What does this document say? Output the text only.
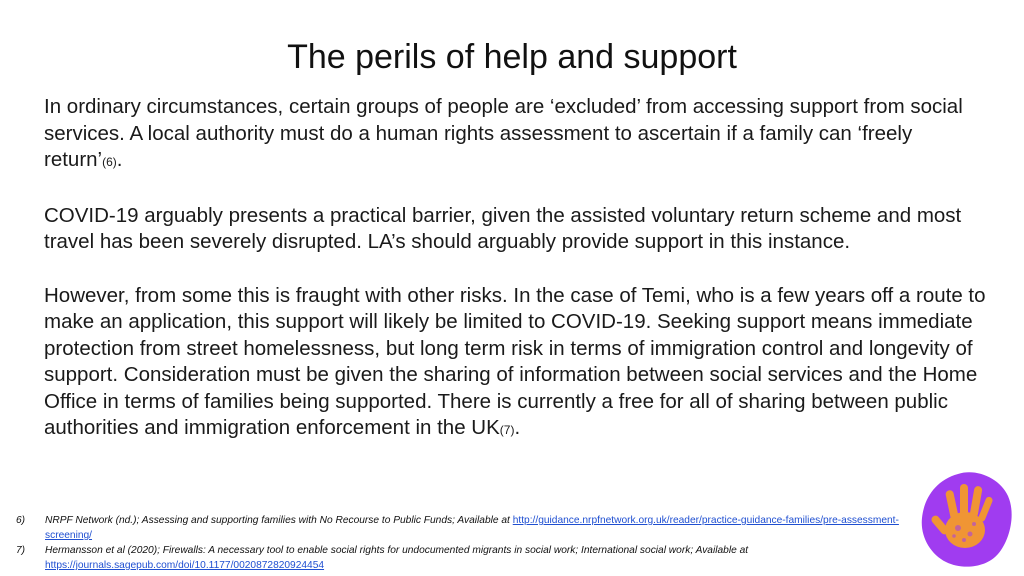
The perils of help and support

In ordinary circumstances, certain groups of people are ‘excluded’ from accessing support from social services. A local authority must do a human rights assessment to ascertain if a family can ‘freely return’(6).

COVID-19 arguably presents a practical barrier, given the assisted voluntary return scheme and most travel has been severely disrupted. LA’s should arguably provide support in this instance.

However, from some this is fraught with other risks. In the case of Temi, who is a few years off a route to make an application, this support will likely be limited to COVID-19. Seeking support means immediate protection from street homelessness, but long term risk in terms of immigration control and longevity of support. Consideration must be given the sharing of information between social services and the Home Office in terms of families being supported. There is currently a free for all of sharing between public authorities and immigration enforcement in the UK(7).

6)	NRPF Network (nd.); Assessing and supporting families with No Recourse to Public Funds; Available at http://guidance.nrpfnetwork.org.uk/reader/practice-guidance-families/pre-assessment-screening/
7)	Hermansson et al (2020); Firewalls: A necessary tool to enable social rights for undocumented migrants in social work; International social work; Available at
https://journals.sagepub.com/doi/10.1177/0020872820924454
